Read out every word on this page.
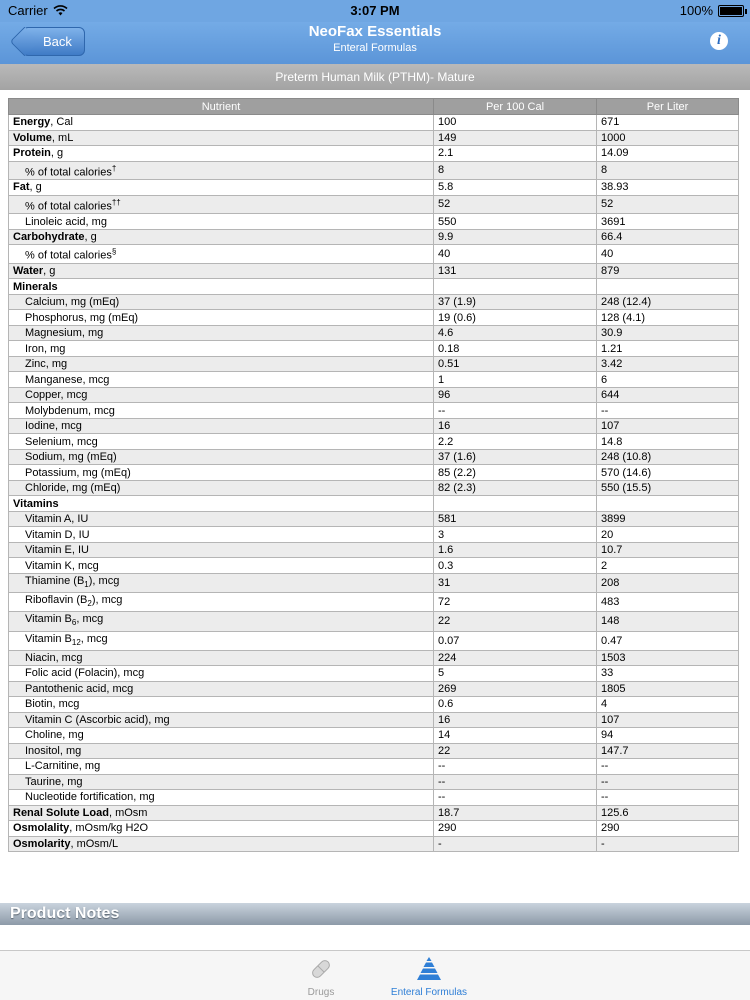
Carrier	3:07 PM	100%
NeoFax Essentials
Enteral Formulas
Back	i
Preterm Human Milk (PTHM)- Mature
Nutrient	Per 100 Cal	Per Liter
Energy, Cal	100	671
Volume, mL	149	1000
Protein, g	2.1	14.09
% of total calories†	8	8
Fat, g	5.8	38.93
% of total calories††	52	52
Linoleic acid, mg	550	3691
Carbohydrate, g	9.9	66.4
% of total calories§	40	40
Water, g	131	879
Minerals		
Calcium, mg (mEq)	37 (1.9)	248 (12.4)
Phosphorus, mg (mEq)	19 (0.6)	128 (4.1)
Magnesium, mg	4.6	30.9
Iron, mg	0.18	1.21
Zinc, mg	0.51	3.42
Manganese, mcg	1	6
Copper, mcg	96	644
Molybdenum, mcg	--	--
Iodine, mcg	16	107
Selenium, mcg	2.2	14.8
Sodium, mg (mEq)	37 (1.6)	248 (10.8)
Potassium, mg (mEq)	85 (2.2)	570 (14.6)
Chloride, mg (mEq)	82 (2.3)	550 (15.5)
Vitamins		
Vitamin A, IU	581	3899
Vitamin D, IU	3	20
Vitamin E, IU	1.6	10.7
Vitamin K, mcg	0.3	2
Thiamine $(B_1)$, mcg	31	208
Riboflavin $(B_2)$, mcg	72	483
Vitamin $B_6$, mcg	22	148
Vitamin $B_{12}$, mcg	0.07	0.47
Niacin, mcg	224	1503
Folic acid (Folacin), mcg	5	33
Pantothenic acid, mcg	269	1805
Biotin, mcg	0.6	4
Vitamin C (Ascorbic acid), mg	16	107
Choline, mg	14	94
Inositol, mg	22	147.7
L-Carnitine, mg	--	--
Taurine, mg	--	--
Nucleotide fortification, mg	--	--
Renal Solute Load, mOsm	18.7	125.6
Osmolality, mOsm/kg H2O	290	290
Osmolarity, mOsm/L	-	-
Product Notes
Drugs	Enteral Formulas
